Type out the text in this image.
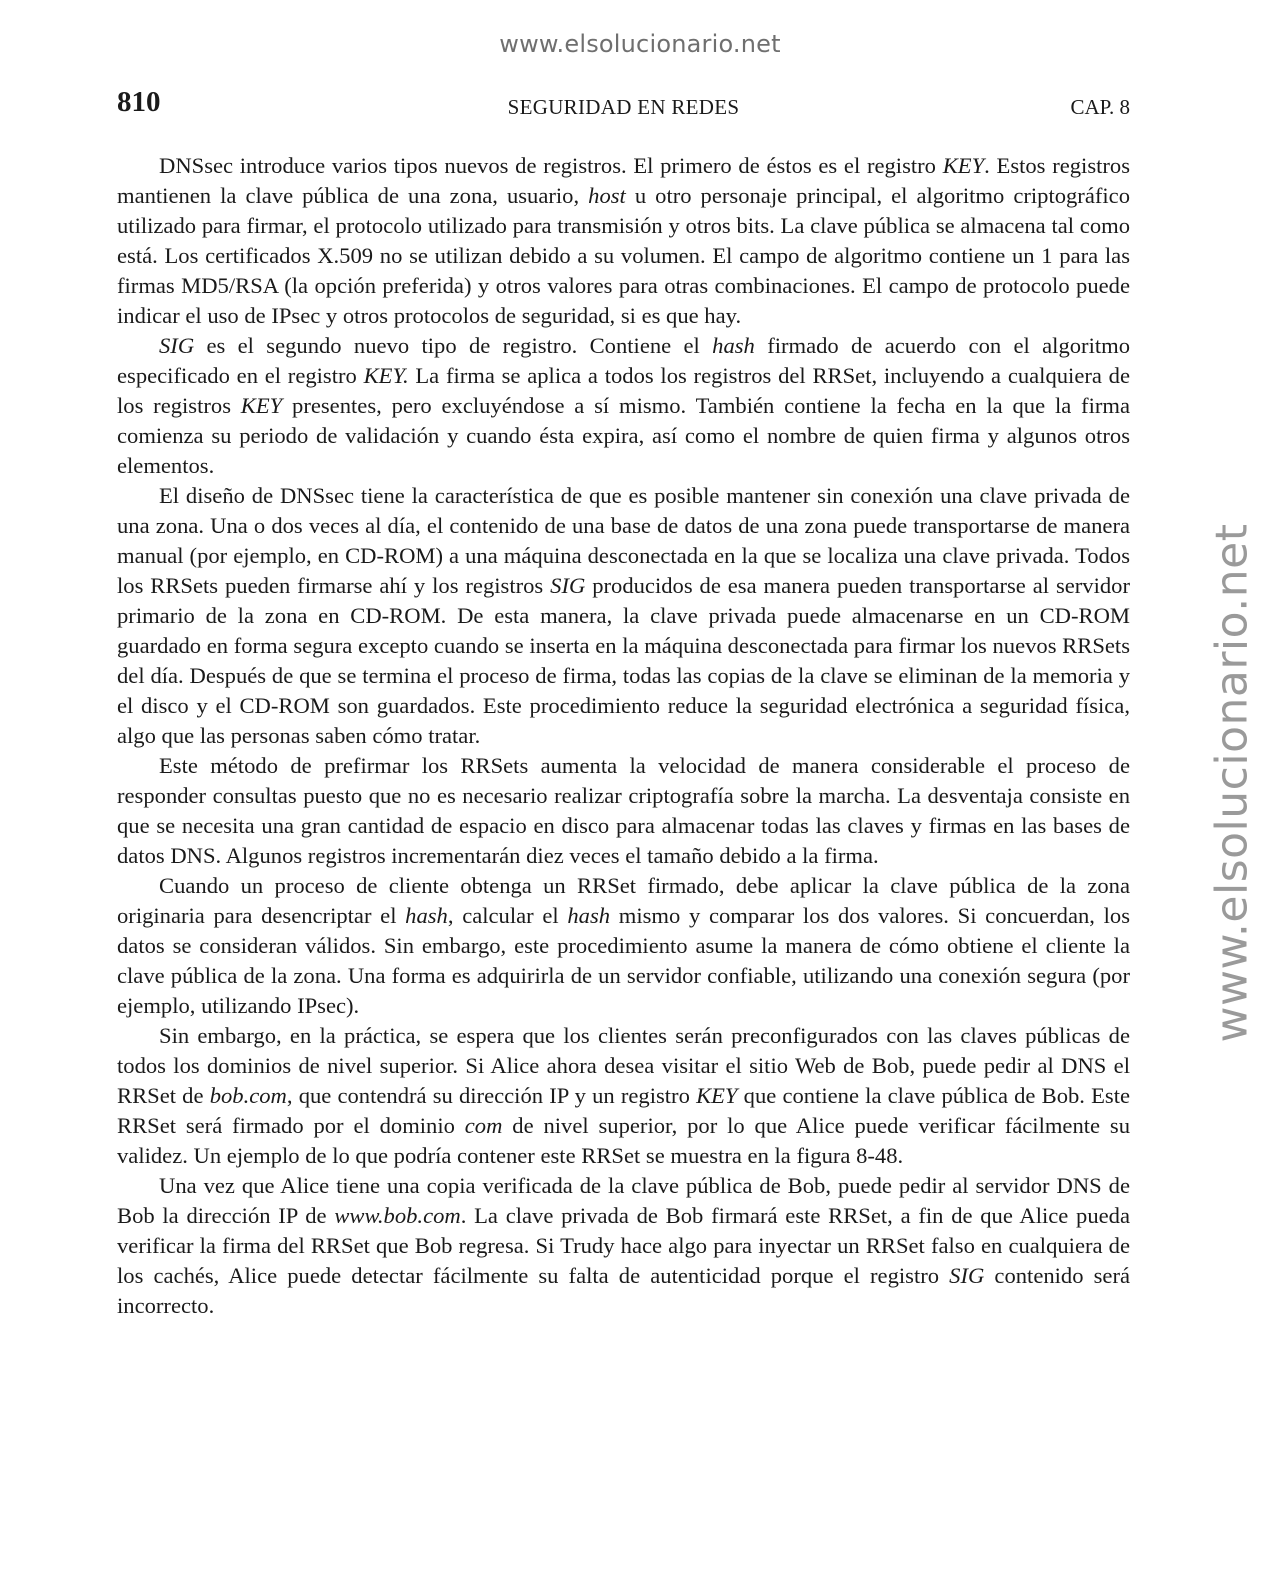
www.elsolucionario.net
www.elsolucionario.net
810	SEGURIDAD EN REDES	CAP. 8

DNSsec introduce varios tipos nuevos de registros. El primero de éstos es el registro KEY. Estos registros mantienen la clave pública de una zona, usuario, host u otro personaje principal, el algoritmo criptográfico utilizado para firmar, el protocolo utilizado para transmisión y otros bits. La clave pública se almacena tal como está. Los certificados X.509 no se utilizan debido a su volumen. El campo de algoritmo contiene un 1 para las firmas MD5/RSA (la opción preferida) y otros valores para otras combinaciones. El campo de protocolo puede indicar el uso de IPsec y otros protocolos de seguridad, si es que hay.

SIG es el segundo nuevo tipo de registro. Contiene el hash firmado de acuerdo con el algoritmo especificado en el registro KEY. La firma se aplica a todos los registros del RRSet, incluyendo a cualquiera de los registros KEY presentes, pero excluyéndose a sí mismo. También contiene la fecha en la que la firma comienza su periodo de validación y cuando ésta expira, así como el nombre de quien firma y algunos otros elementos.

El diseño de DNSsec tiene la característica de que es posible mantener sin conexión una clave privada de una zona. Una o dos veces al día, el contenido de una base de datos de una zona puede transportarse de manera manual (por ejemplo, en CD-ROM) a una máquina desconectada en la que se localiza una clave privada. Todos los RRSets pueden firmarse ahí y los registros SIG producidos de esa manera pueden transportarse al servidor primario de la zona en CD-ROM. De esta manera, la clave privada puede almacenarse en un CD-ROM guardado en forma segura excepto cuando se inserta en la máquina desconectada para firmar los nuevos RRSets del día. Después de que se termina el proceso de firma, todas las copias de la clave se eliminan de la memoria y el disco y el CD-ROM son guardados. Este procedimiento reduce la seguridad electrónica a seguridad física, algo que las personas saben cómo tratar.

Este método de prefirmar los RRSets aumenta la velocidad de manera considerable el proceso de responder consultas puesto que no es necesario realizar criptografía sobre la marcha. La desventaja consiste en que se necesita una gran cantidad de espacio en disco para almacenar todas las claves y firmas en las bases de datos DNS. Algunos registros incrementarán diez veces el tamaño debido a la firma.

Cuando un proceso de cliente obtenga un RRSet firmado, debe aplicar la clave pública de la zona originaria para desencriptar el hash, calcular el hash mismo y comparar los dos valores. Si concuerdan, los datos se consideran válidos. Sin embargo, este procedimiento asume la manera de cómo obtiene el cliente la clave pública de la zona. Una forma es adquirirla de un servidor confiable, utilizando una conexión segura (por ejemplo, utilizando IPsec).

Sin embargo, en la práctica, se espera que los clientes serán preconfigurados con las claves públicas de todos los dominios de nivel superior. Si Alice ahora desea visitar el sitio Web de Bob, puede pedir al DNS el RRSet de bob.com, que contendrá su dirección IP y un registro KEY que contiene la clave pública de Bob. Este RRSet será firmado por el dominio com de nivel superior, por lo que Alice puede verificar fácilmente su validez. Un ejemplo de lo que podría contener este RRSet se muestra en la figura 8-48.

Una vez que Alice tiene una copia verificada de la clave pública de Bob, puede pedir al servidor DNS de Bob la dirección IP de www.bob.com. La clave privada de Bob firmará este RRSet, a fin de que Alice pueda verificar la firma del RRSet que Bob regresa. Si Trudy hace algo para inyectar un RRSet falso en cualquiera de los cachés, Alice puede detectar fácilmente su falta de autenticidad porque el registro SIG contenido será incorrecto.
